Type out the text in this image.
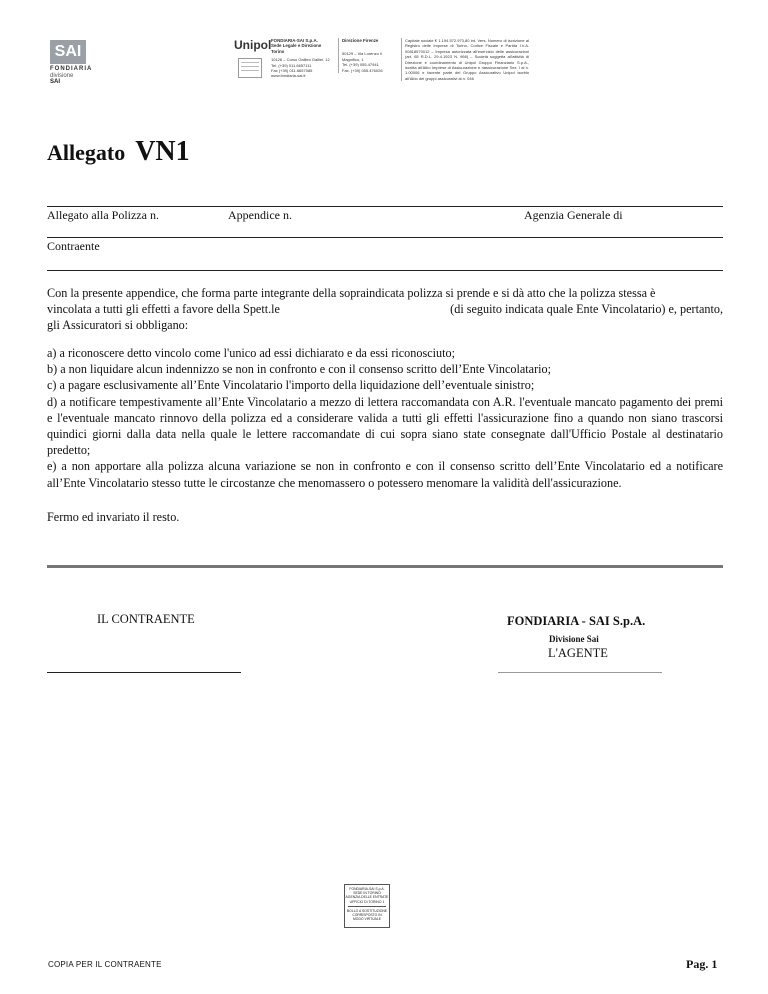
SAI
FONDIARIA
divisione
SAI
Unipol FONDIARIA-SAI S.p.A.
Sede Legale e Direzione Torino
10126 – Corso Galileo Galilei, 12
Tel. (+39) 011.6657111
Fax (+39) 011.6657085
www.fondiaria-sai.it
Direzione Firenze
50129 – Via Lorenzo il Magnifico, 1
Tel. (+39) 055.47941
Fax. (+39) 055.476026
Capitale sociale € 1.194.572.973,80 int. Vers. Numero di iscrizione al Registro delle Imprese di Torino, Codice Fiscale e Partita I.V.A. 00818570012 – Impresa autorizzata all'esercizio delle assicurazioni (art. 65 R.D.L. 29.4.1923 N. 966) – Società soggetta all'attività di Direzione e coordinamento di Unipol Gruppo Finanziario S.p.A., iscritta all'Albo Imprese di Assicurazione e riassicurazione Sez. I al n. 1.00006 e facente parte del Gruppo Assicurativo Unipol iscritto all'Albo dei gruppi assicurativi al n. 046
Allegato VN1
Allegato alla Polizza n.	Appendice n.	Agenzia Generale di
Contraente

Con la presente appendice, che forma parte integrante della sopraindicata polizza si prende e si dà atto che la polizza stessa è

vincolata a tutti gli effetti a favore della Spett.le	(di seguito indicata quale Ente Vincolatario) e, pertanto,

gli Assicuratori si obbligano:

a) a riconoscere detto vincolo come l'unico ad essi dichiarato e da essi riconosciuto;

b) a non liquidare alcun indennizzo se non in confronto e con il consenso scritto dell’Ente Vincolatario;

c) a pagare esclusivamente all’Ente Vincolatario l'importo della liquidazione dell’eventuale sinistro;

d) a notificare tempestivamente all’Ente Vincolatario a mezzo di lettera raccomandata con A.R. l'eventuale mancato pagamento dei premi e l'eventuale mancato rinnovo della polizza ed a considerare valida a tutti gli effetti l'assicurazione fino a quando non siano trascorsi quindici giorni dalla data nella quale le lettere raccomandate di cui sopra siano state consegnate dall'Ufficio Postale al destinatario predetto;

e) a non apportare alla polizza alcuna variazione se non in confronto e con il consenso scritto dell’Ente Vincolatario ed a notificare all’Ente Vincolatario stesso tutte le circostanze che menomassero o potessero menomare la validità dell'assicurazione.

Fermo ed invariato il resto.
IL CONTRAENTE	FONDIARIA - SAI S.p.A.
Divisione Sai
L'AGENTE
FONDIARIA-SAI S.p.A.
SEDE IN TORINO
AGENZIA DELLE ENTRATE
UFFICIO DI TORINO 1
BOLLO A SOSTITUZIONE
CORRISPOSTO IN
MODO VIRTUALE
COPIA PER IL CONTRAENTE	Pag. 1
